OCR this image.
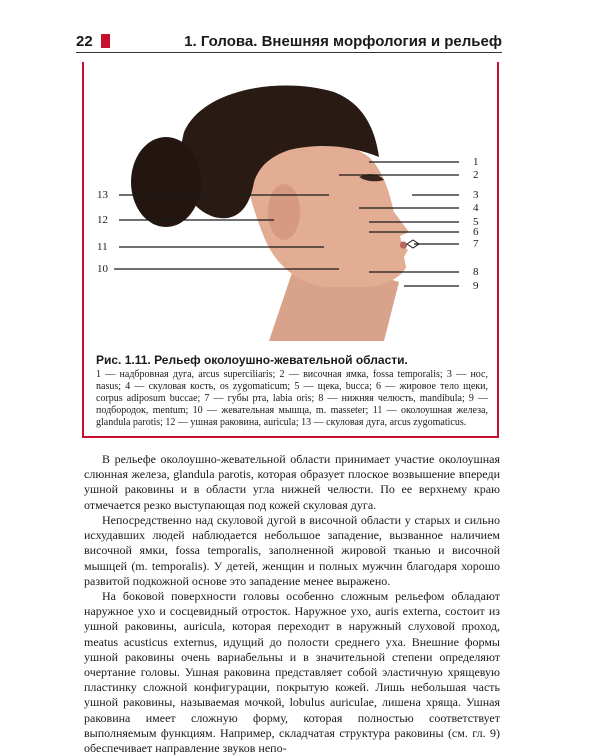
22	1. Голова. Внешняя морфология и рельеф
1
2
3
4
5
6
7
8
9
10
11
12
13
Рис. 1.11. Рельеф околоушно-жевательной области.
1 — надбровная дуга, arcus superciliaris; 2 — височная ямка, fossa temporalis; 3 — нос, nasus; 4 — скуловая кость, os zygomaticum; 5 — щека, bucca; 6 — жировое тело щеки, corpus adiposum buccae; 7 — губы рта, labia oris; 8 — нижняя челюсть, mandibula; 9 — подбородок, mentum; 10 — жевательная мышца, m. masseter; 11 — околоушная железа, glandula parotis; 12 — ушная раковина, auricula; 13 — скуловая дуга, arcus zygomaticus.
В рельефе околоушно-жевательной области принимает участие околоушная слюнная железа, glandula parotis, которая образует плоское возвышение впереди ушной раковины и в области угла нижней челюсти. По ее верхнему краю отмечается резко выступающая под кожей скуловая дуга.
Непосредственно над скуловой дугой в височной области у старых и сильно исхудавших людей наблюдается небольшое западение, вызванное наличием височной ямки, fossa temporalis, заполненной жировой тканью и височной мышцей (m. temporalis). У детей, женщин и полных мужчин благодаря хорошо развитой подкожной основе это западение менее выражено.
На боковой поверхности головы особенно сложным рельефом обладают наружное ухо и сосцевидный отросток. Наружное ухо, auris externa, состоит из ушной раковины, auricula, которая переходит в наружный слуховой проход, meatus acusticus externus, идущий до полости среднего уха. Внешние формы ушной раковины очень вариабельны и в значительной степени определяют очертание головы. Ушная раковина представляет собой эластичную хрящевую пластинку сложной конфигурации, покрытую кожей. Лишь небольшая часть ушной раковины, называемая мочкой, lobulus auriculae, лишена хряща. Ушная раковина имеет сложную форму, которая полностью соответствует выполняемым функциям. Например, складчатая структура раковины (см. гл. 9) обеспечивает направление звуков непо-
